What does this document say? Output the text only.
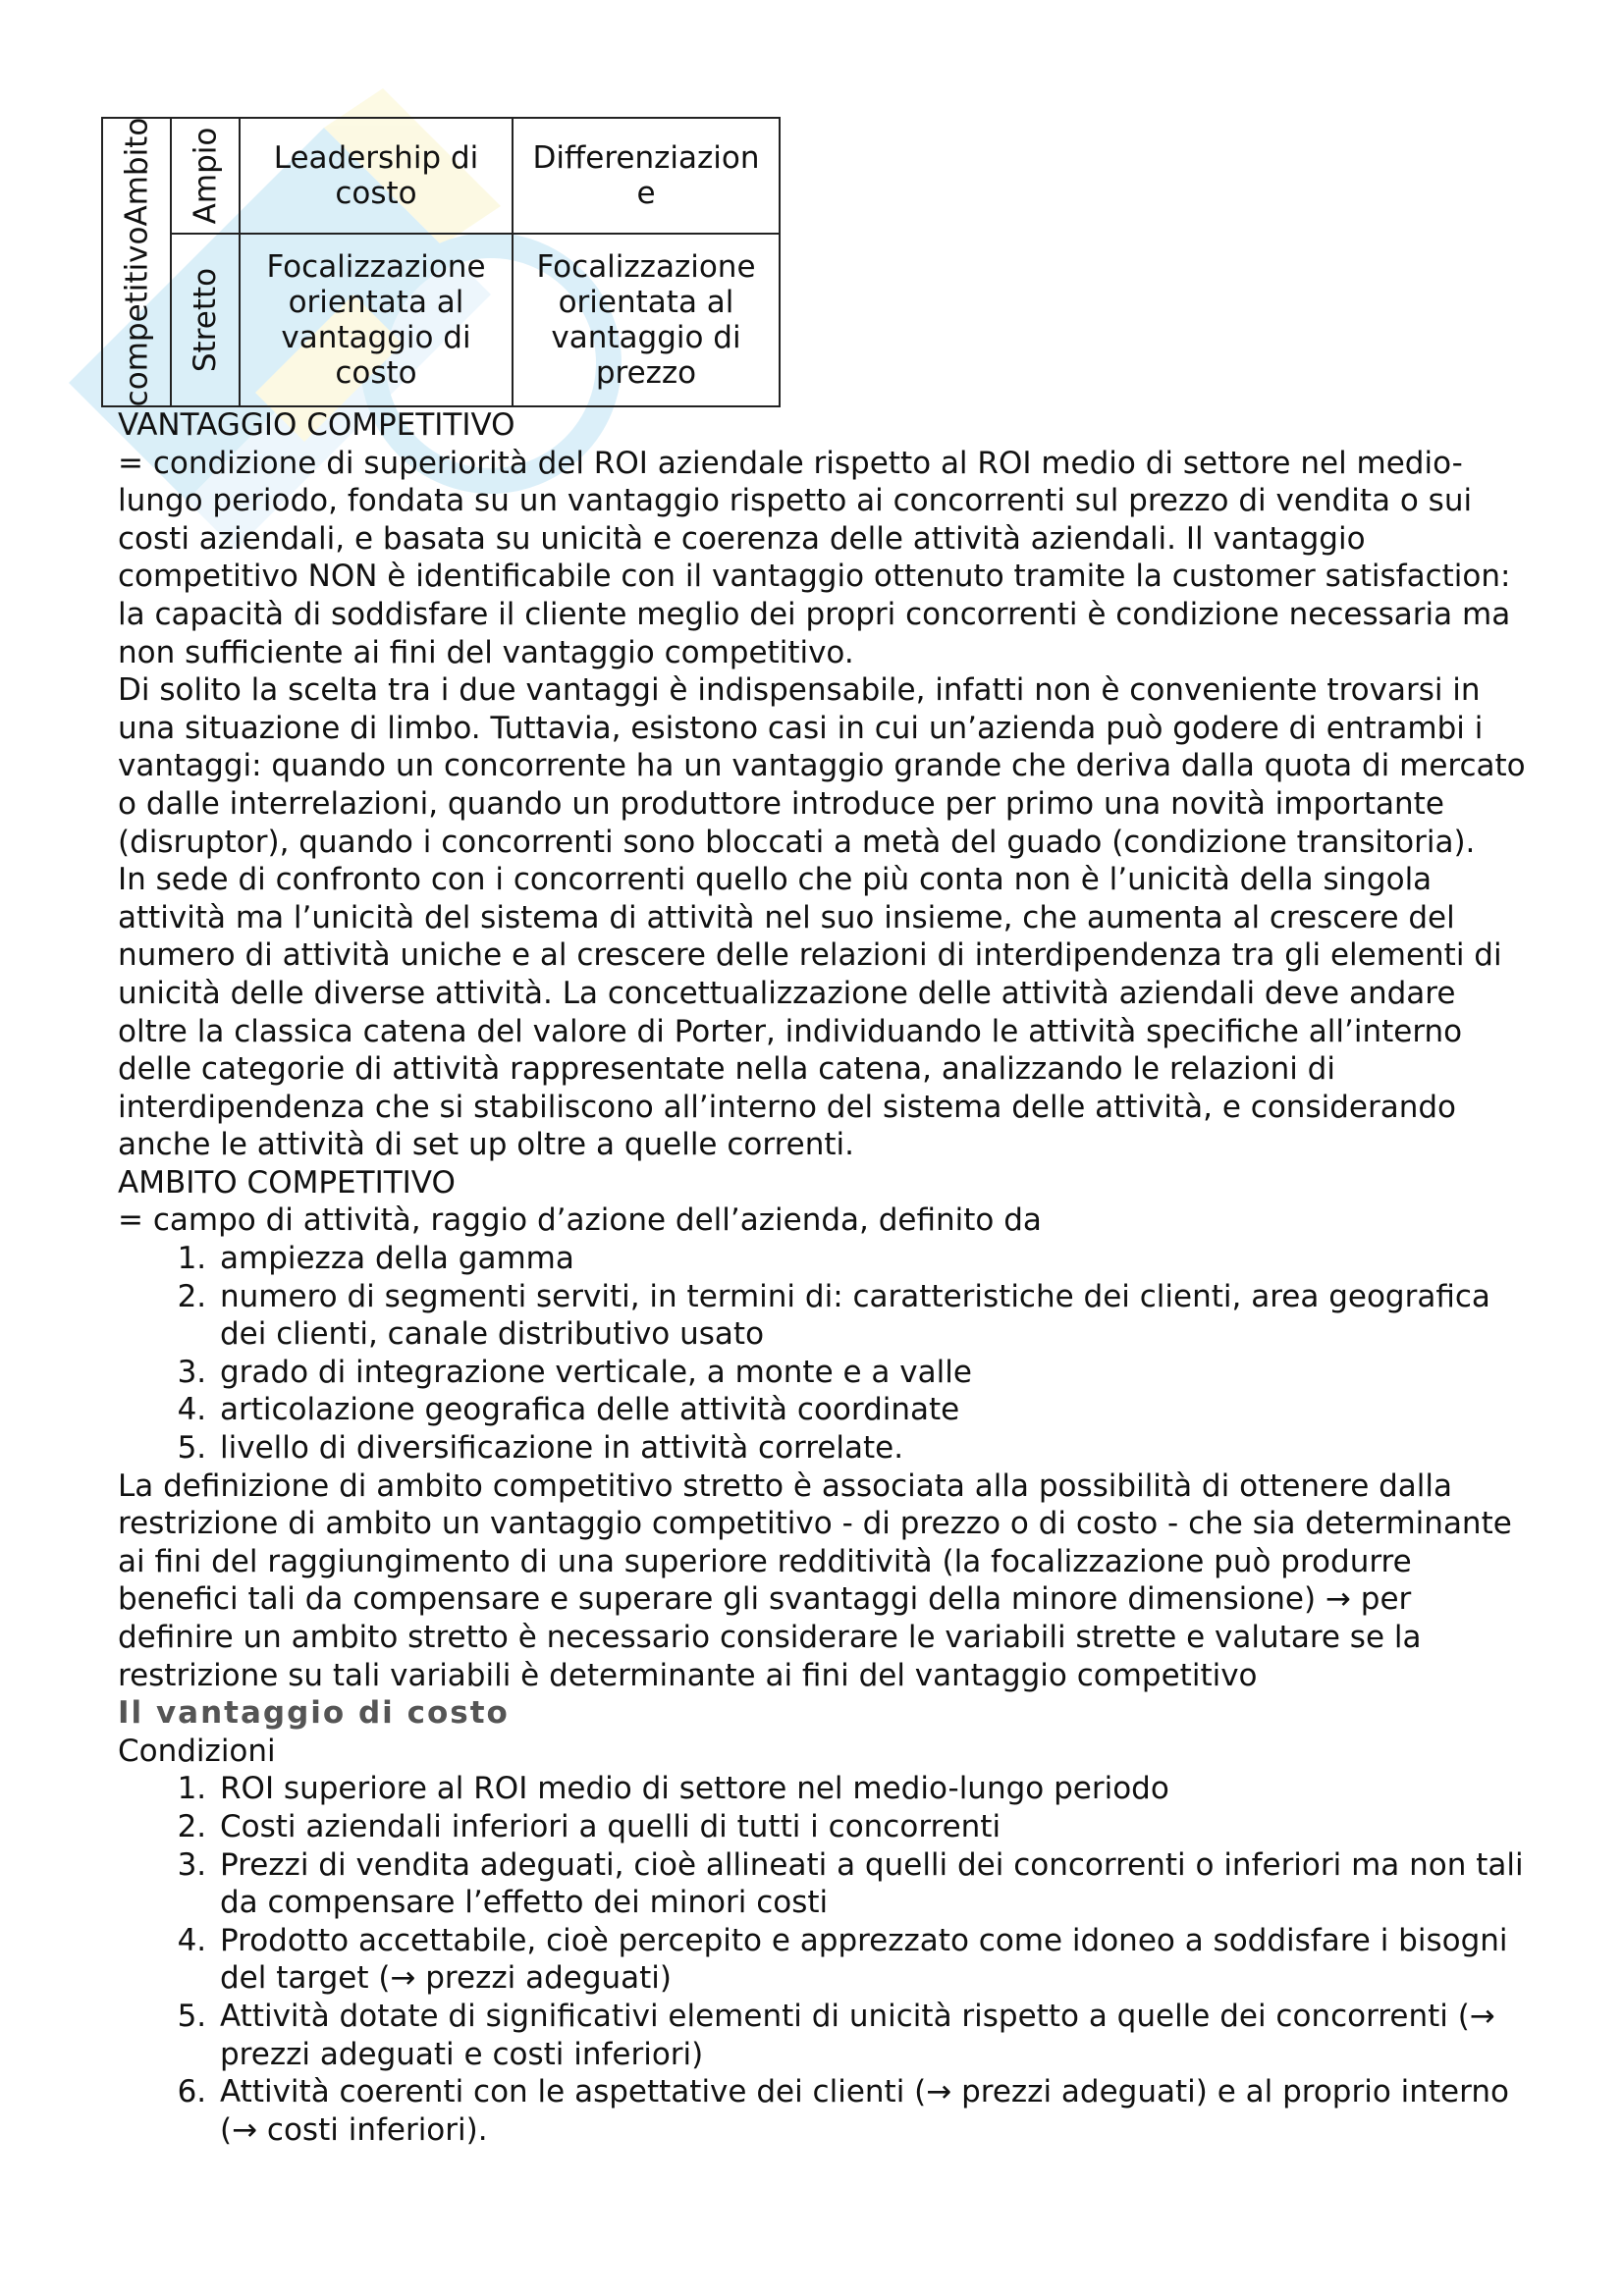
competitivoAmbito Ampio	Leadership di costo
Differenziazion e
Stretto
Focalizzazione orientata al vantaggio di costo
Focalizzazione orientata al vantaggio di prezzo

VANTAGGIO COMPETITIVO

= condizione di superiorità del ROI aziendale rispetto al ROI medio di settore nel medio-lungo periodo, fondata su un vantaggio rispetto ai concorrenti sul prezzo di vendita o sui costi aziendali, e basata su unicità e coerenza delle attività aziendali. Il vantaggio competitivo NON è identificabile con il vantaggio ottenuto tramite la customer satisfaction: la capacità di soddisfare il cliente meglio dei propri concorrenti è condizione necessaria ma non sufficiente ai fini del vantaggio competitivo.

Di solito la scelta tra i due vantaggi è indispensabile, infatti non è conveniente trovarsi in una situazione di limbo. Tuttavia, esistono casi in cui un’azienda può godere di entrambi i vantaggi: quando un concorrente ha un vantaggio grande che deriva dalla quota di mercato o dalle interrelazioni, quando un produttore introduce per primo una novità importante (disruptor), quando i concorrenti sono bloccati a metà del guado (condizione transitoria).

In sede di confronto con i concorrenti quello che più conta non è l’unicità della singola attività ma l’unicità del sistema di attività nel suo insieme, che aumenta al crescere del numero di attività uniche e al crescere delle relazioni di interdipendenza tra gli elementi di unicità delle diverse attività. La concettualizzazione delle attività aziendali deve andare oltre la classica catena del valore di Porter, individuando le attività specifiche all’interno delle categorie di attività rappresentate nella catena, analizzando le relazioni di interdipendenza che si stabiliscono all’interno del sistema delle attività, e considerando anche le attività di set up oltre a quelle correnti.

AMBITO COMPETITIVO

= campo di attività, raggio d’azione dell’azienda, definito da

1. ampiezza della gamma
2. numero di segmenti serviti, in termini di: caratteristiche dei clienti, area geografica dei clienti, canale distributivo usato
3. grado di integrazione verticale, a monte e a valle
4. articolazione geografica delle attività coordinate
5. livello di diversificazione in attività correlate.

La definizione di ambito competitivo stretto è associata alla possibilità di ottenere dalla restrizione di ambito un vantaggio competitivo - di prezzo o di costo - che sia determinante ai fini del raggiungimento di una superiore redditività (la focalizzazione può produrre benefici tali da compensare e superare gli svantaggi della minore dimensione) → per definire un ambito stretto è necessario considerare le variabili strette e valutare se la restrizione su tali variabili è determinante ai fini del vantaggio competitivo

Il vantaggio di costo

Condizioni

1. ROI superiore al ROI medio di settore nel medio-lungo periodo
2. Costi aziendali inferiori a quelli di tutti i concorrenti
3. Prezzi di vendita adeguati, cioè allineati a quelli dei concorrenti o inferiori ma non tali da compensare l’effetto dei minori costi
4. Prodotto accettabile, cioè percepito e apprezzato come idoneo a soddisfare i bisogni del target (→ prezzi adeguati)
5. Attività dotate di significativi elementi di unicità rispetto a quelle dei concorrenti (→ prezzi adeguati e costi inferiori)
6. Attività coerenti con le aspettative dei clienti (→ prezzi adeguati) e al proprio interno (→ costi inferiori).
